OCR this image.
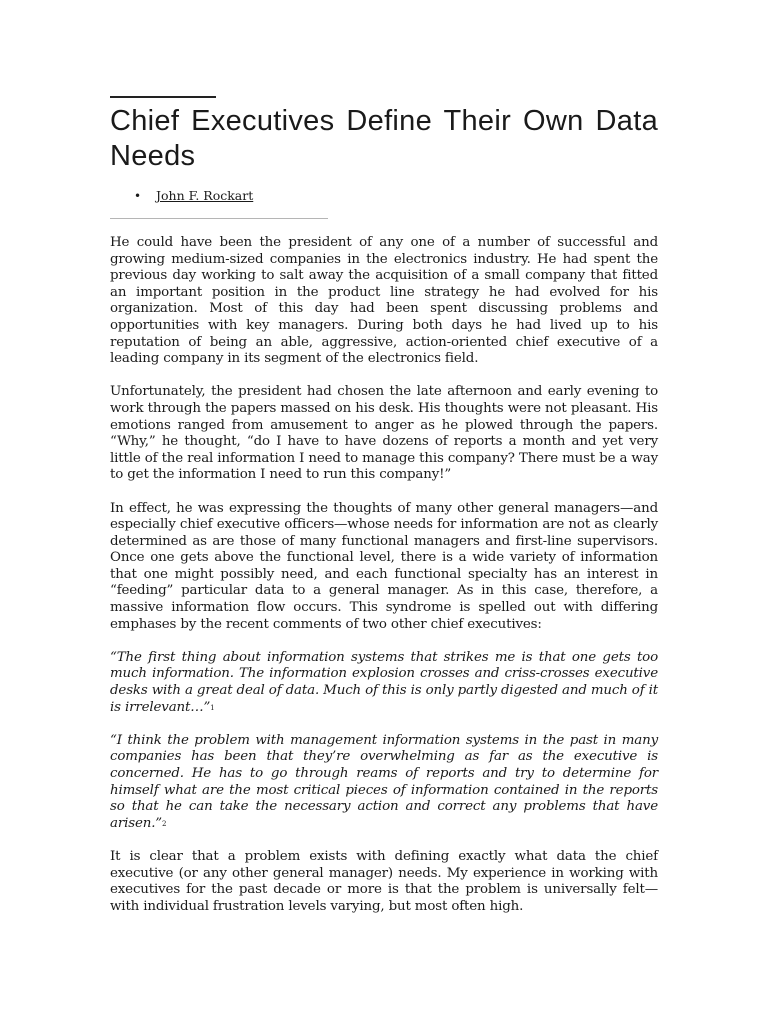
Chief Executives Define Their Own Data Needs
• John F. Rockart

He could have been the president of any one of a number of successful and growing medium-sized companies in the electronics industry. He had spent the previous day working to salt away the acquisition of a small company that fitted an important position in the product line strategy he had evolved for his organization. Most of this day had been spent discussing problems and opportunities with key managers. During both days he had lived up to his reputation of being an able, aggressive, action-oriented chief executive of a leading company in its segment of the electronics field.

Unfortunately, the president had chosen the late afternoon and early evening to work through the papers massed on his desk. His thoughts were not pleasant. His emotions ranged from amusement to anger as he plowed through the papers. “Why,” he thought, “do I have to have dozens of reports a month and yet very little of the real information I need to manage this company? There must be a way to get the information I need to run this company!”

In effect, he was expressing the thoughts of many other general managers—and especially chief executive officers—whose needs for information are not as clearly determined as are those of many functional managers and first-line supervisors. Once one gets above the functional level, there is a wide variety of information that one might possibly need, and each functional specialty has an interest in “feeding” particular data to a general manager. As in this case, therefore, a massive information flow occurs. This syndrome is spelled out with differing emphases by the recent comments of two other chief executives:

“The first thing about information systems that strikes me is that one gets too much information. The information explosion crosses and criss-crosses executive desks with a great deal of data. Much of this is only partly digested and much of it is irrelevant…”$^1$

“I think the problem with management information systems in the past in many companies has been that they’re overwhelming as far as the executive is concerned. He has to go through reams of reports and try to determine for himself what are the most critical pieces of information contained in the reports so that he can take the necessary action and correct any problems that have arisen.”$^2$

It is clear that a problem exists with defining exactly what data the chief executive (or any other general manager) needs. My experience in working with executives for the past decade or more is that the problem is universally felt—with individual frustration levels varying, but most often high.
